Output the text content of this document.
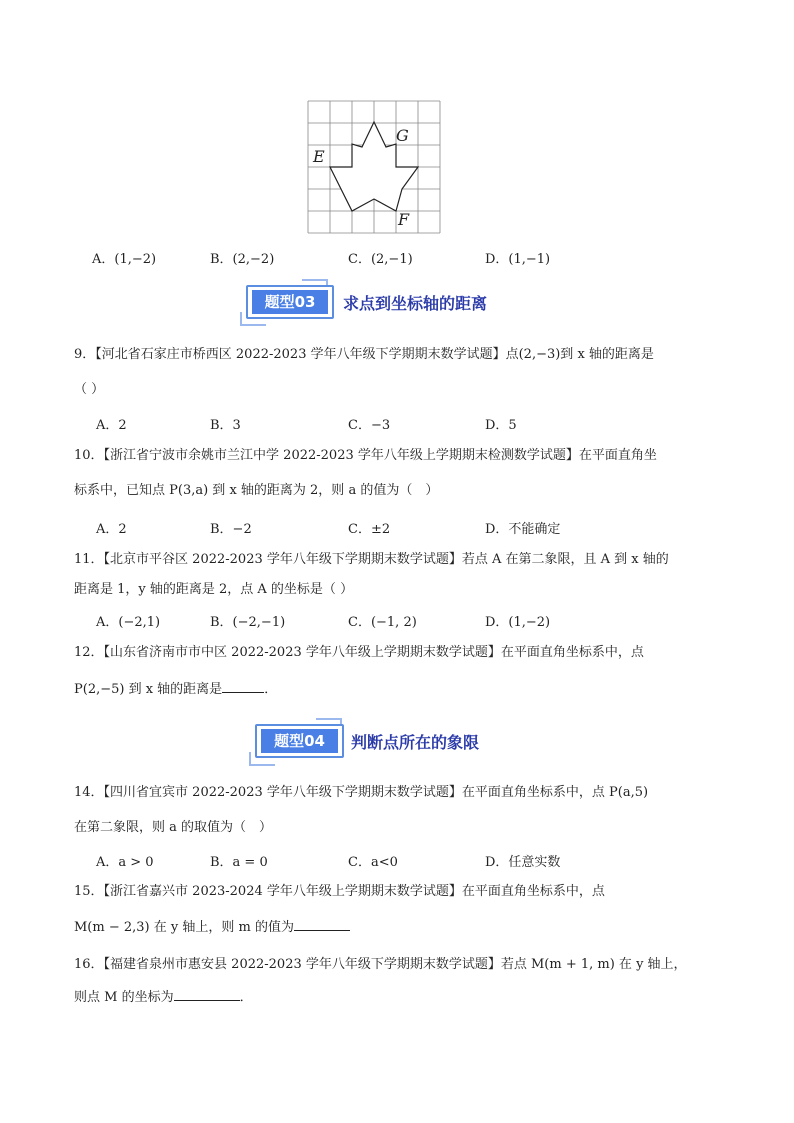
E
G
F
A．(1,−2)	B．(2,−2)	C．(2,−1)	D．(1,−1)
题型03	求点到坐标轴的距离
9．【河北省石家庄市桥西区 2022-2023 学年八年级下学期期末数学试题】点(2,−3)到 x 轴的距离是
（ ）
A．2	B．3	C．−3	D．5
10．【浙江省宁波市余姚市兰江中学 2022-2023 学年八年级上学期期末检测数学试题】在平面直角坐
标系中，已知点 P(3,a) 到 x 轴的距离为 2，则 a 的值为（　）
A．2	B．−2	C．±2	D．不能确定
11．【北京市平谷区 2022-2023 学年八年级下学期期末数学试题】若点 A 在第二象限，且 A 到 x 轴的
距离是 1，y 轴的距离是 2，点 A 的坐标是（ ）
A．(−2,1)	B．(−2,−1)	C．(−1, 2)	D．(1,−2)
12．【山东省济南市市中区 2022-2023 学年八年级上学期期末数学试题】在平面直角坐标系中，点
P(2,−5) 到 x 轴的距离是	．
题型04	判断点所在的象限
14．【四川省宜宾市 2022-2023 学年八年级下学期期末数学试题】在平面直角坐标系中，点 P(a,5)
在第二象限，则 a 的取值为（　）
A．a > 0	B．a = 0	C．a<0	D．任意实数
15．【浙江省嘉兴市 2023-2024 学年八年级上学期期末数学试题】在平面直角坐标系中，点
M(m − 2,3) 在 y 轴上，则 m 的值为
16．【福建省泉州市惠安县 2022-2023 学年八年级下学期期末数学试题】若点 M(m + 1, m) 在 y 轴上，
则点 M 的坐标为	．
